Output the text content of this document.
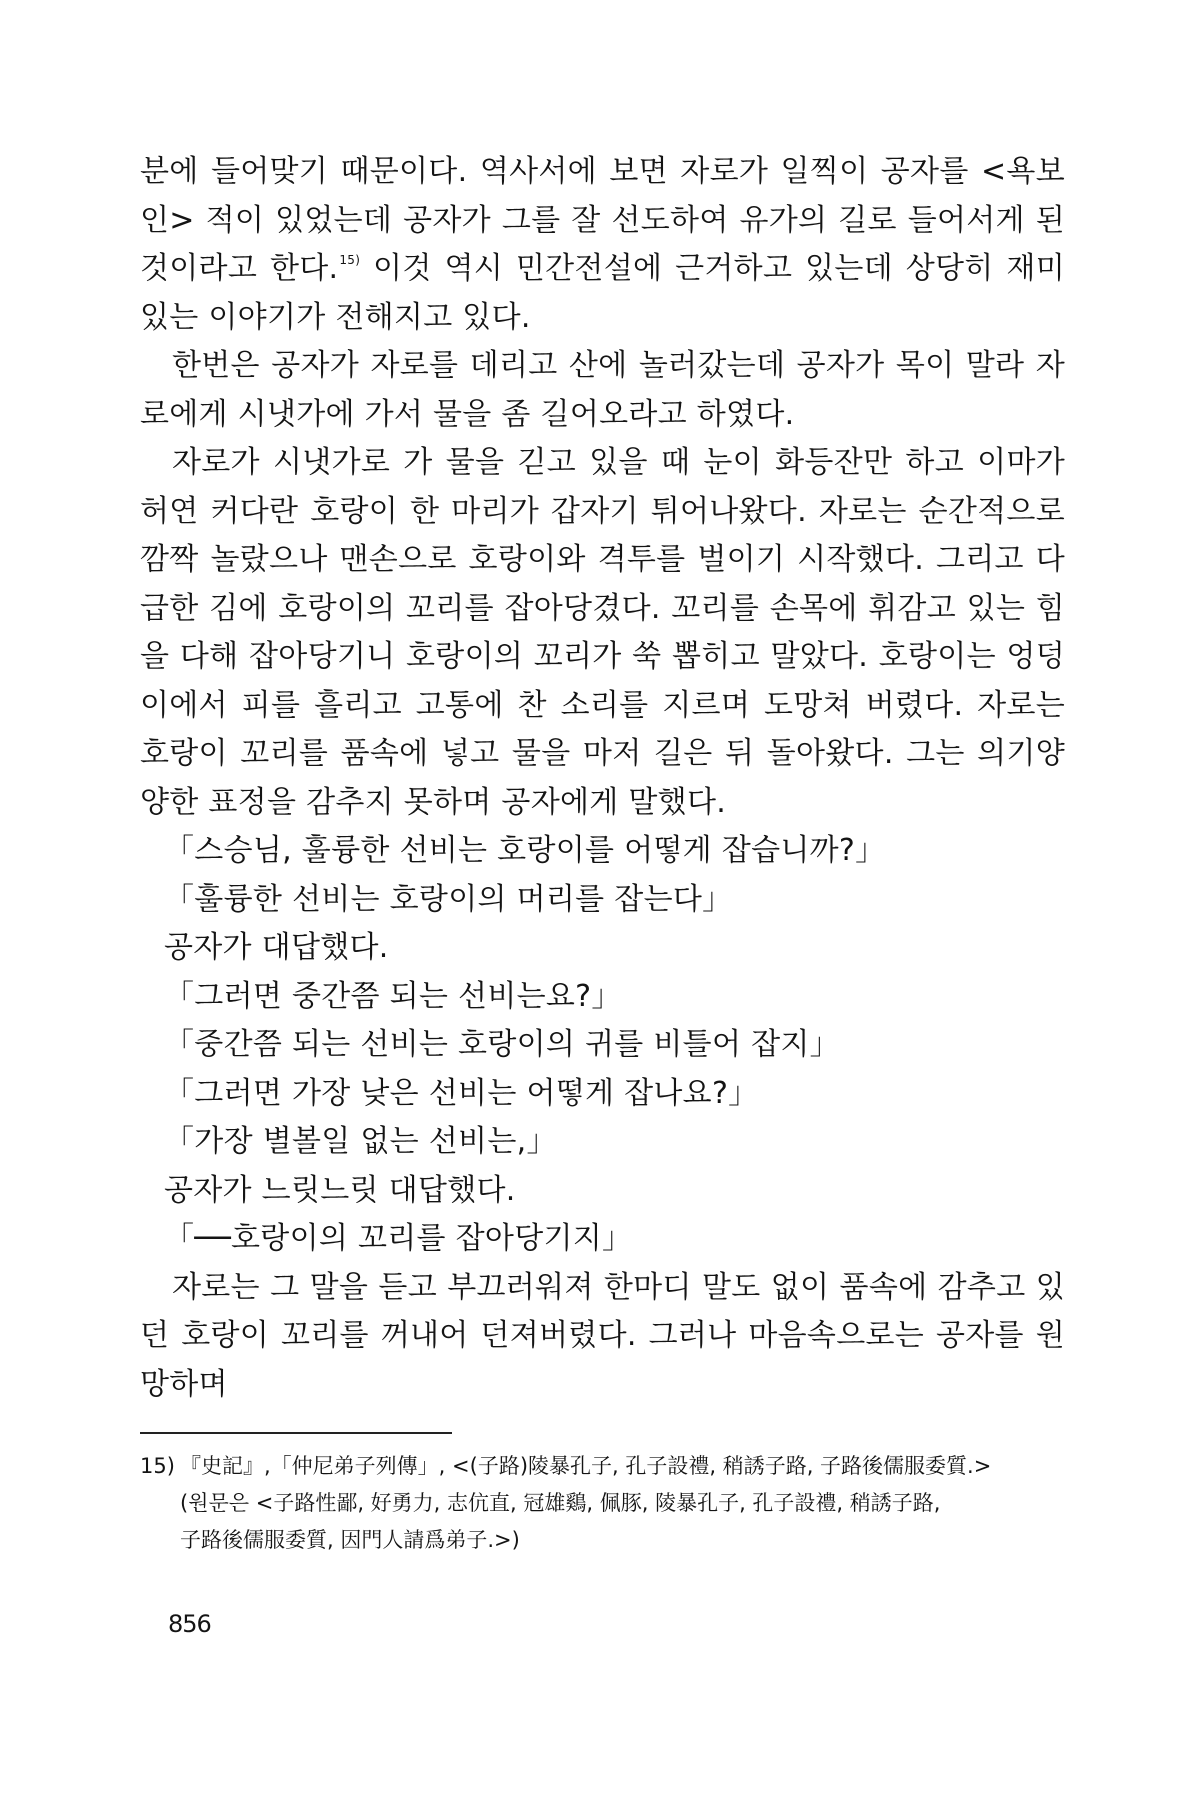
분에 들어맞기 때문이다. 역사서에 보면 자로가 일찍이 공자를 <욕보인> 적이 있었는데 공자가 그를 잘 선도하여 유가의 길로 들어서게 된 것이라고 한다.$^{15)}$ 이것 역시 민간전설에 근거하고 있는데 상당히 재미있는 이야기가 전해지고 있다.

한번은 공자가 자로를 데리고 산에 놀러갔는데 공자가 목이 말라 자로에게 시냇가에 가서 물을 좀 길어오라고 하였다.

자로가 시냇가로 가 물을 긷고 있을 때 눈이 화등잔만 하고 이마가 허연 커다란 호랑이 한 마리가 갑자기 튀어나왔다. 자로는 순간적으로 깜짝 놀랐으나 맨손으로 호랑이와 격투를 벌이기 시작했다. 그리고 다급한 김에 호랑이의 꼬리를 잡아당겼다. 꼬리를 손목에 휘감고 있는 힘을 다해 잡아당기니 호랑이의 꼬리가 쑥 뽑히고 말았다. 호랑이는 엉덩이에서 피를 흘리고 고통에 찬 소리를 지르며 도망쳐 버렸다. 자로는 호랑이 꼬리를 품속에 넣고 물을 마저 길은 뒤 돌아왔다. 그는 의기양양한 표정을 감추지 못하며 공자에게 말했다.

「스승님, 훌륭한 선비는 호랑이를 어떻게 잡습니까?」

「훌륭한 선비는 호랑이의 머리를 잡는다」

공자가 대답했다.

「그러면 중간쯤 되는 선비는요?」

「중간쯤 되는 선비는 호랑이의 귀를 비틀어 잡지」

「그러면 가장 낮은 선비는 어떻게 잡나요?」

「가장 별볼일 없는 선비는,」

공자가 느릿느릿 대답했다.

「──호랑이의 꼬리를 잡아당기지」

자로는 그 말을 듣고 부끄러워져 한마디 말도 없이 품속에 감추고 있던 호랑이 꼬리를 꺼내어 던져버렸다. 그러나 마음속으로는 공자를 원망하며

15) 『史記』,「仲尼弟子列傳」, <(子路)陵暴孔子, 孔子設禮, 稍誘子路, 子路後儒服委質.>
(원문은 <子路性鄙, 好勇力, 志伉直, 冠雄鷄, 佩豚, 陵暴孔子, 孔子設禮, 稍誘子路,
子路後儒服委質, 因門人請爲弟子.>)
856
